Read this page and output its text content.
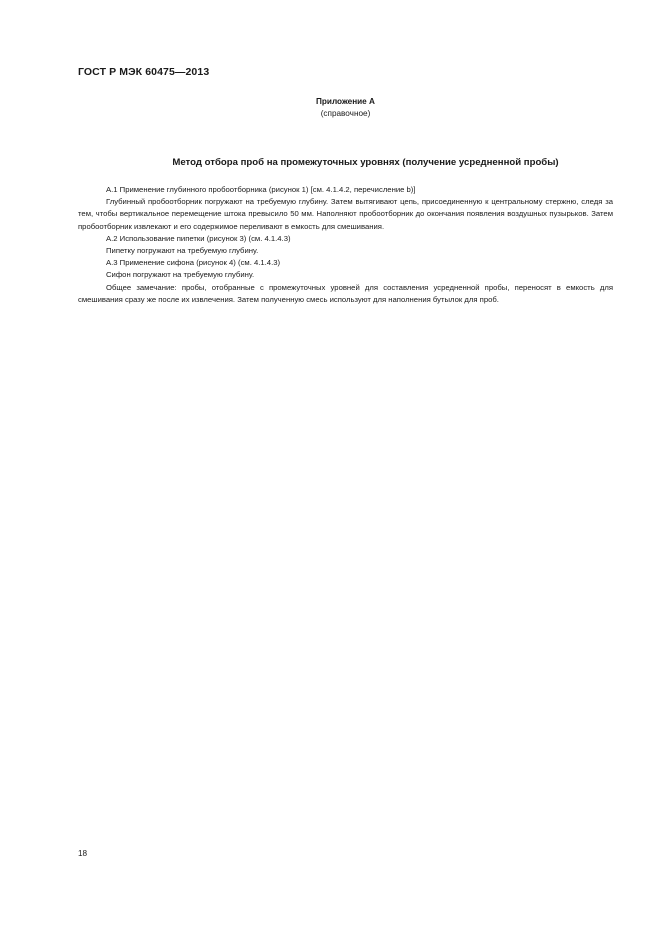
ГОСТ Р МЭК 60475—2013
Приложение А
(справочное)
Метод отбора проб на промежуточных уровнях (получение усредненной пробы)

А.1 Применение глубинного пробоотборника (рисунок 1) [см. 4.1.4.2, перечисление b)]

Глубинный пробоотборник погружают на требуемую глубину. Затем вытягивают цепь, присоединенную к центральному стержню, следя за тем, чтобы вертикальное перемещение штока превысило 50 мм. Наполняют пробоотборник до окончания появления воздушных пузырьков. Затем пробоотборник извлекают и его содержимое переливают в емкость для смешивания.

А.2 Использование пипетки (рисунок 3) (см. 4.1.4.3)

Пипетку погружают на требуемую глубину.

А.3 Применение сифона (рисунок 4) (см. 4.1.4.3)

Сифон погружают на требуемую глубину.

Общее замечание: пробы, отобранные с промежуточных уровней для составления усредненной пробы, переносят в емкость для смешивания сразу же после их извлечения. Затем полученную смесь используют для наполнения бутылок для проб.

18
